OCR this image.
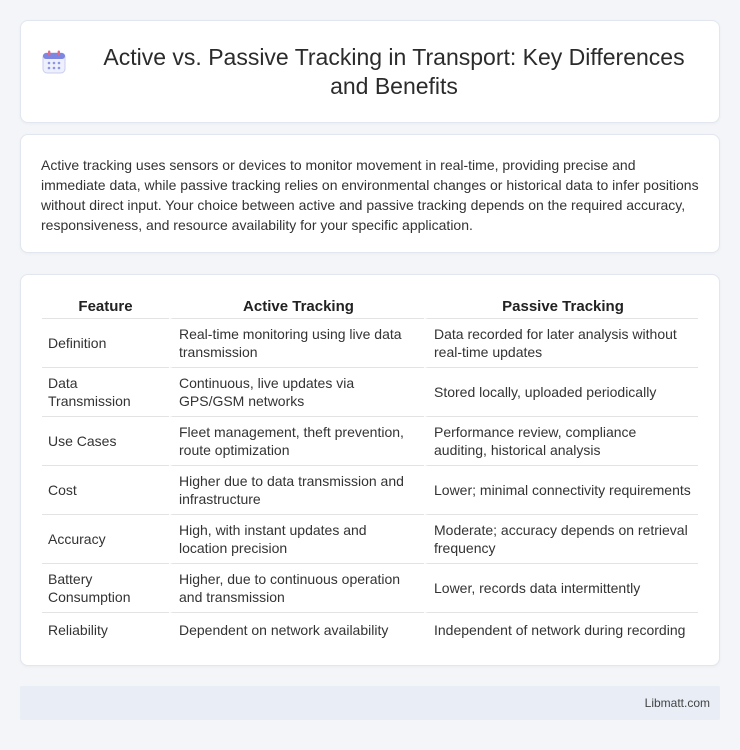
Active vs. Passive Tracking in Transport: Key Differences and Benefits

Active tracking uses sensors or devices to monitor movement in real-time, providing precise and immediate data, while passive tracking relies on environmental changes or historical data to infer positions without direct input. Your choice between active and passive tracking depends on the required accuracy, responsiveness, and resource availability for your specific application.

Feature	Active Tracking	Passive Tracking
Definition	Real-time monitoring using live data transmission	Data recorded for later analysis without real-time updates
Data Transmission	Continuous, live updates via GPS/GSM networks	Stored locally, uploaded periodically
Use Cases	Fleet management, theft prevention, route optimization	Performance review, compliance auditing, historical analysis
Cost	Higher due to data transmission and infrastructure	Lower; minimal connectivity requirements
Accuracy	High, with instant updates and location precision	Moderate; accuracy depends on retrieval frequency
Battery Consumption	Higher, due to continuous operation and transmission	Lower, records data intermittently
Reliability	Dependent on network availability	Independent of network during recording
Libmatt.com
